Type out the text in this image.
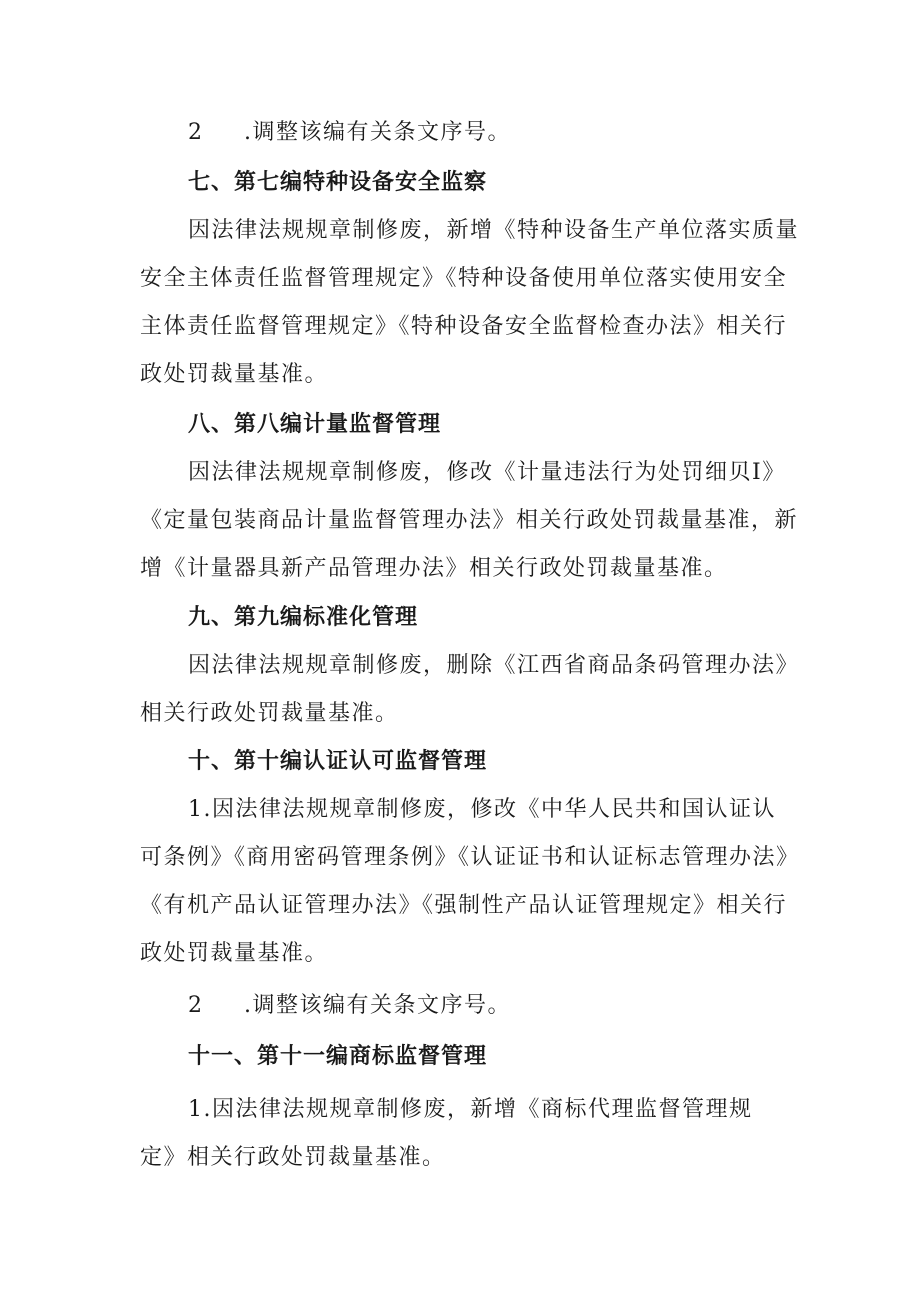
2 .调整该编有关条文序号。
七、第七编特种设备安全监察
因法律法规规章制修废，新增《特种设备生产单位落实质量
安全主体责任监督管理规定》《特种设备使用单位落实使用安全
主体责任监督管理规定》《特种设备安全监督检查办法》相关行
政处罚裁量基准。
八、第八编计量监督管理
因法律法规规章制修废，修改《计量违法行为处罚细贝I》
《定量包装商品计量监督管理办法》相关行政处罚裁量基准，新
增《计量器具新产品管理办法》相关行政处罚裁量基准。
九、第九编标准化管理
因法律法规规章制修废，删除《江西省商品条码管理办法》
相关行政处罚裁量基准。
十、第十编认证认可监督管理
1.因法律法规规章制修废，修改《中华人民共和国认证认
可条例》《商用密码管理条例》《认证证书和认证标志管理办法》
《有机产品认证管理办法》《强制性产品认证管理规定》相关行
政处罚裁量基准。
2 .调整该编有关条文序号。
十一、第十一编商标监督管理
1.因法律法规规章制修废，新增《商标代理监督管理规
定》相关行政处罚裁量基准。
